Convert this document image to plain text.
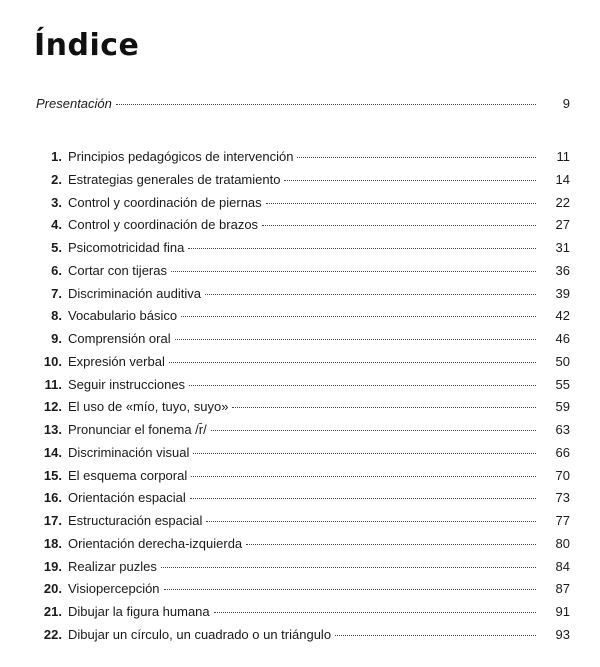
Índice
Presentación	9
1. Principios pedagógicos de intervención	11
2. Estrategias generales de tratamiento	14
3. Control y coordinación de piernas	22
4. Control y coordinación de brazos	27
5. Psicomotricidad fina	31
6. Cortar con tijeras	36
7. Discriminación auditiva	39
8. Vocabulario básico	42
9. Comprensión oral	46
10. Expresión verbal	50
11. Seguir instrucciones	55
12. El uso de «mío, tuyo, suyo»	59
13. Pronunciar el fonema /r̄/	63
14. Discriminación visual	66
15. El esquema corporal	70
16. Orientación espacial	73
17. Estructuración espacial	77
18. Orientación derecha-izquierda	80
19. Realizar puzles	84
20. Visiopercepción	87
21. Dibujar la figura humana	91
22. Dibujar un círculo, un cuadrado o un triángulo	93
